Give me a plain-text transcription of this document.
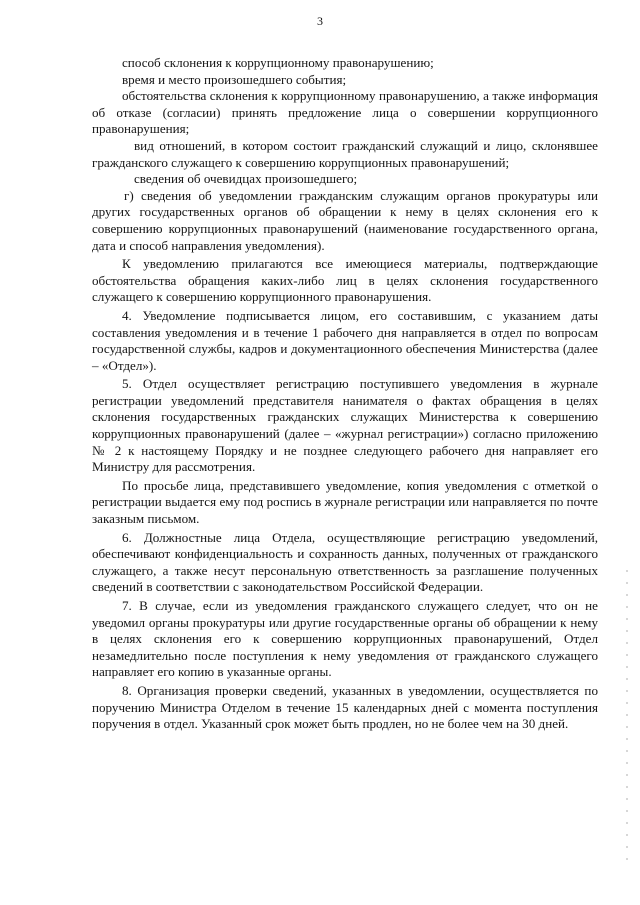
3

способ склонения к коррупционному правонарушению;

время и место произошедшего события;

обстоятельства склонения к коррупционному правонарушению, а также информация об отказе (согласии) принять предложение лица о совершении коррупционного правонарушения;

вид отношений, в котором состоит гражданский служащий и лицо, склонявшее гражданского служащего к совершению коррупционных правонарушений;

сведения об очевидцах произошедшего;

г) сведения об уведомлении гражданским служащим органов прокуратуры или других государственных органов об обращении к нему в целях склонения его к совершению коррупционных правонарушений (наименование государственного органа, дата и способ направления уведомления).

К уведомлению прилагаются все имеющиеся материалы, подтверждающие обстоятельства обращения каких-либо лиц в целях склонения государственного служащего к совершению коррупционного правонарушения.

4. Уведомление подписывается лицом, его составившим, с указанием даты составления уведомления и в течение 1 рабочего дня направляется в отдел по вопросам государственной службы, кадров и документационного обеспечения Министерства (далее – «Отдел»).

5. Отдел осуществляет регистрацию поступившего уведомления в журнале регистрации уведомлений представителя нанимателя о фактах обращения в целях склонения государственных гражданских служащих Министерства к совершению коррупционных правонарушений (далее – «журнал регистрации») согласно приложению № 2 к настоящему Порядку и не позднее следующего рабочего дня направляет его Министру для рассмотрения.

По просьбе лица, представившего уведомление, копия уведомления с отметкой о регистрации выдается ему под роспись в журнале регистрации или направляется по почте заказным письмом.

6. Должностные лица Отдела, осуществляющие регистрацию уведомлений, обеспечивают конфиденциальность и сохранность данных, полученных от гражданского служащего, а также несут персональную ответственность за разглашение полученных сведений в соответствии с законодательством Российской Федерации.

7. В случае, если из уведомления гражданского служащего следует, что он не уведомил органы прокуратуры или другие государственные органы об обращении к нему в целях склонения его к совершению коррупционных правонарушений, Отдел незамедлительно после поступления к нему уведомления от гражданского служащего направляет его копию в указанные органы.

8. Организация проверки сведений, указанных в уведомлении, осуществляется по поручению Министра Отделом в течение 15 календарных дней с момента поступления поручения в отдел. Указанный срок может быть продлен, но не более чем на 30 дней.
